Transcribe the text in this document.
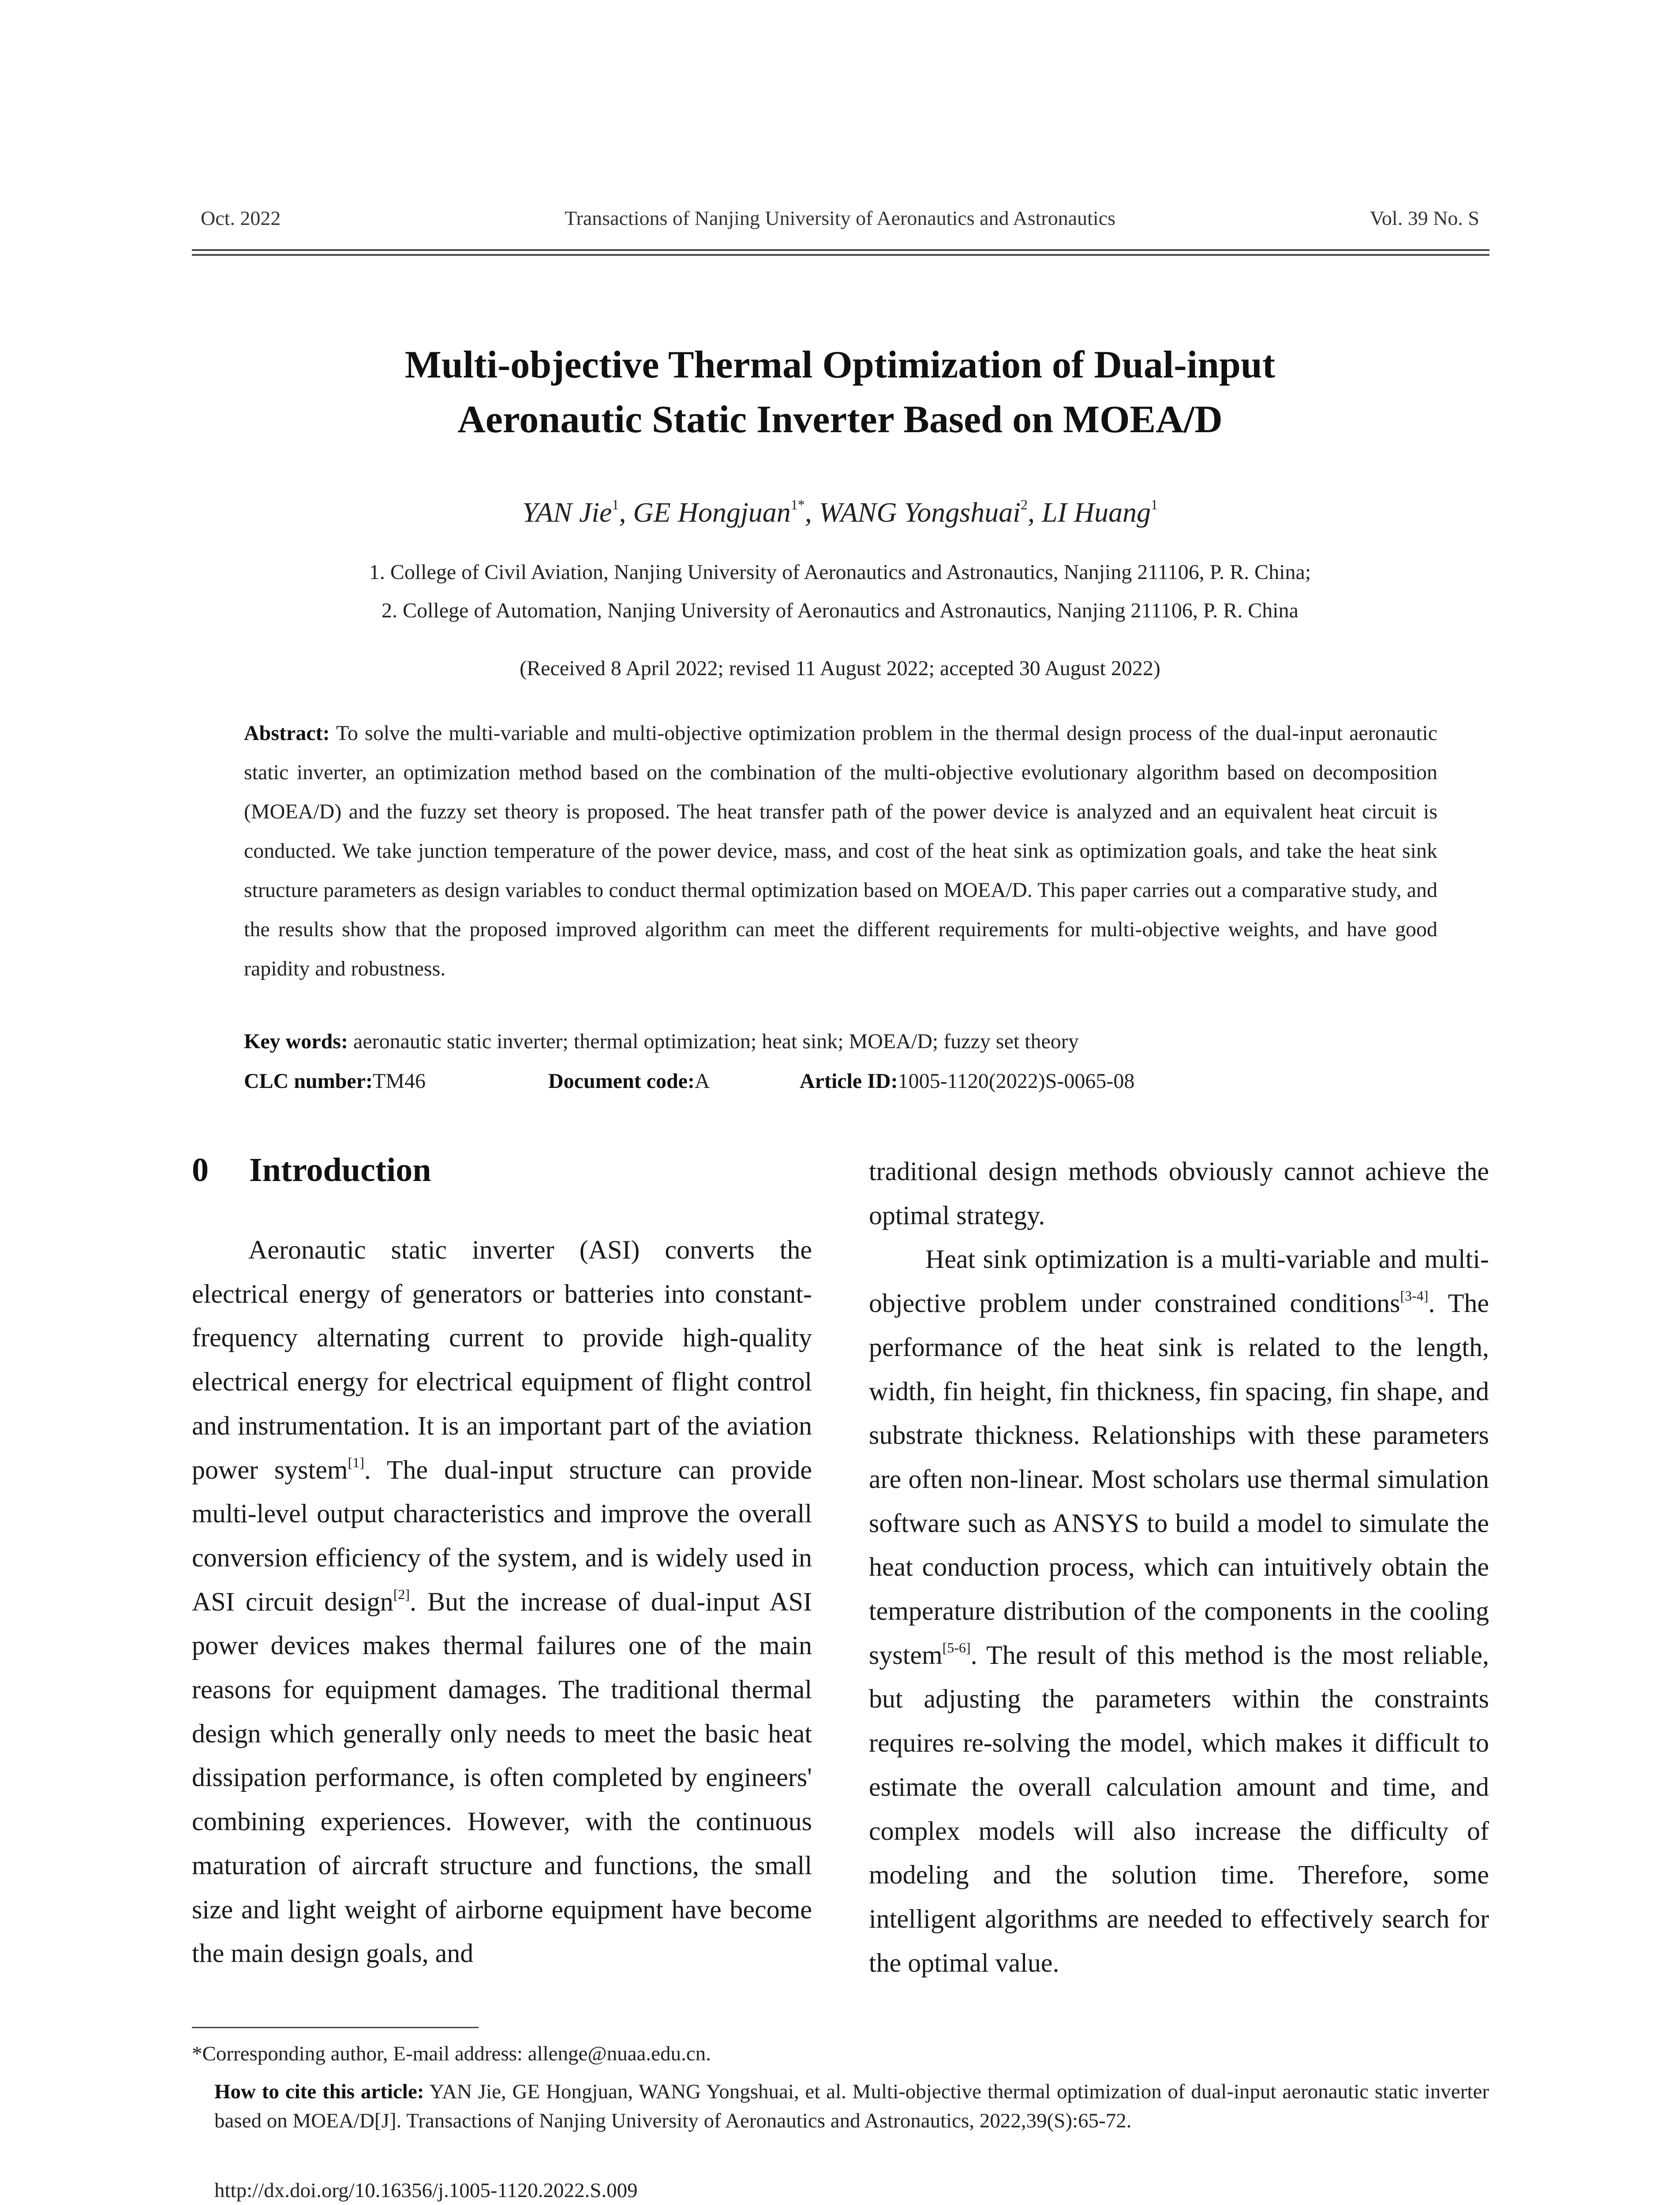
Oct. 2022	Transactions of Nanjing University of Aeronautics and Astronautics	Vol. 39 No. S
Multi-objective Thermal Optimization of Dual-input
Aeronautic Static Inverter Based on MOEA/D
YAN Jie$^1$, GE Hongjuan$^{1*}$, WANG Yongshuai$^2$, LI Huang$^1$
1. College of Civil Aviation, Nanjing University of Aeronautics and Astronautics, Nanjing 211106, P. R. China;
2. College of Automation, Nanjing University of Aeronautics and Astronautics, Nanjing 211106, P. R. China
(Received 8 April 2022; revised 11 August 2022; accepted 30 August 2022)
Abstract: To solve the multi-variable and multi-objective optimization problem in the thermal design process of the dual-input aeronautic static inverter, an optimization method based on the combination of the multi-objective evolutionary algorithm based on decomposition (MOEA/D) and the fuzzy set theory is proposed. The heat transfer path of the power device is analyzed and an equivalent heat circuit is conducted. We take junction temperature of the power device, mass, and cost of the heat sink as optimization goals, and take the heat sink structure parameters as design variables to conduct thermal optimization based on MOEA/D. This paper carries out a comparative study, and the results show that the proposed improved algorithm can meet the different requirements for multi-objective weights, and have good rapidity and robustness.
Key words: aeronautic static inverter; thermal optimization; heat sink; MOEA/D; fuzzy set theory
CLC number:TM46	Document code:A	Article ID:1005-1120(2022)S-0065-08
0 Introduction

Aeronautic static inverter (ASI) converts the electrical energy of generators or batteries into constant-frequency alternating current to provide high-quality electrical energy for electrical equipment of flight control and instrumentation. It is an important part of the aviation power system[1]. The dual-input structure can provide multi-level output characteristics and improve the overall conversion efficiency of the system, and is widely used in ASI circuit design[2]. But the increase of dual-input ASI power devices makes thermal failures one of the main reasons for equipment damages. The traditional thermal design which generally only needs to meet the basic heat dissipation performance, is often completed by engineers' combining experiences. However, with the continuous maturation of aircraft structure and functions, the small size and light weight of airborne equipment have become the main design goals, and

traditional design methods obviously cannot achieve the optimal strategy.

Heat sink optimization is a multi-variable and multi-objective problem under constrained conditions[3-4]. The performance of the heat sink is related to the length, width, fin height, fin thickness, fin spacing, fin shape, and substrate thickness. Relationships with these parameters are often non-linear. Most scholars use thermal simulation software such as ANSYS to build a model to simulate the heat conduction process, which can intuitively obtain the temperature distribution of the components in the cooling system[5-6]. The result of this method is the most reliable, but adjusting the parameters within the constraints requires re-solving the model, which makes it difficult to estimate the overall calculation amount and time, and complex models will also increase the difficulty of modeling and the solution time. Therefore, some intelligent algorithms are needed to effectively search for the optimal value.

*Corresponding author, E-mail address: allenge@nuaa.edu.cn.
How to cite this article: YAN Jie, GE Hongjuan, WANG Yongshuai, et al. Multi-objective thermal optimization of dual-input aeronautic static inverter based on MOEA/D[J]. Transactions of Nanjing University of Aeronautics and Astronautics, 2022,39(S):65-72.
http://dx.doi.org/10.16356/j.1005-1120.2022.S.009
